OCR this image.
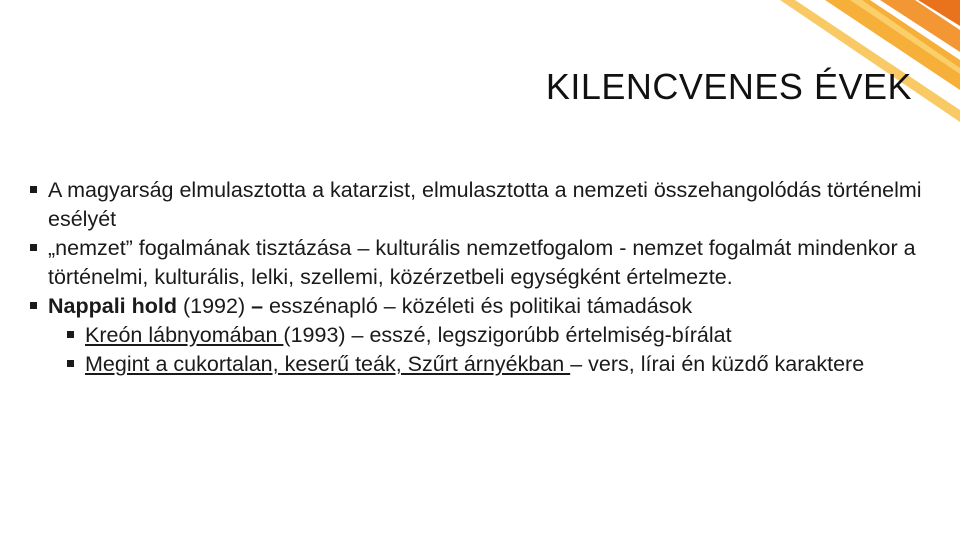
KILENCVENES ÉVEK
A magyarság elmulasztotta a katarzist, elmulasztotta a nemzeti összehangolódás történelmi esélyét
„nemzet” fogalmának tisztázása – kulturális nemzetfogalom - nemzet fogalmát mindenkor a történelmi, kulturális, lelki, szellemi, közérzetbeli egységként értelmezte.
Nappali hold (1992) – esszénapló – közéleti és politikai támadások
Kreón lábnyomában (1993) – esszé, legszigorúbb értelmiség-bírálat
Megint a cukortalan, keserű teák, Szűrt árnyékban – vers, lírai én küzdő karaktere
